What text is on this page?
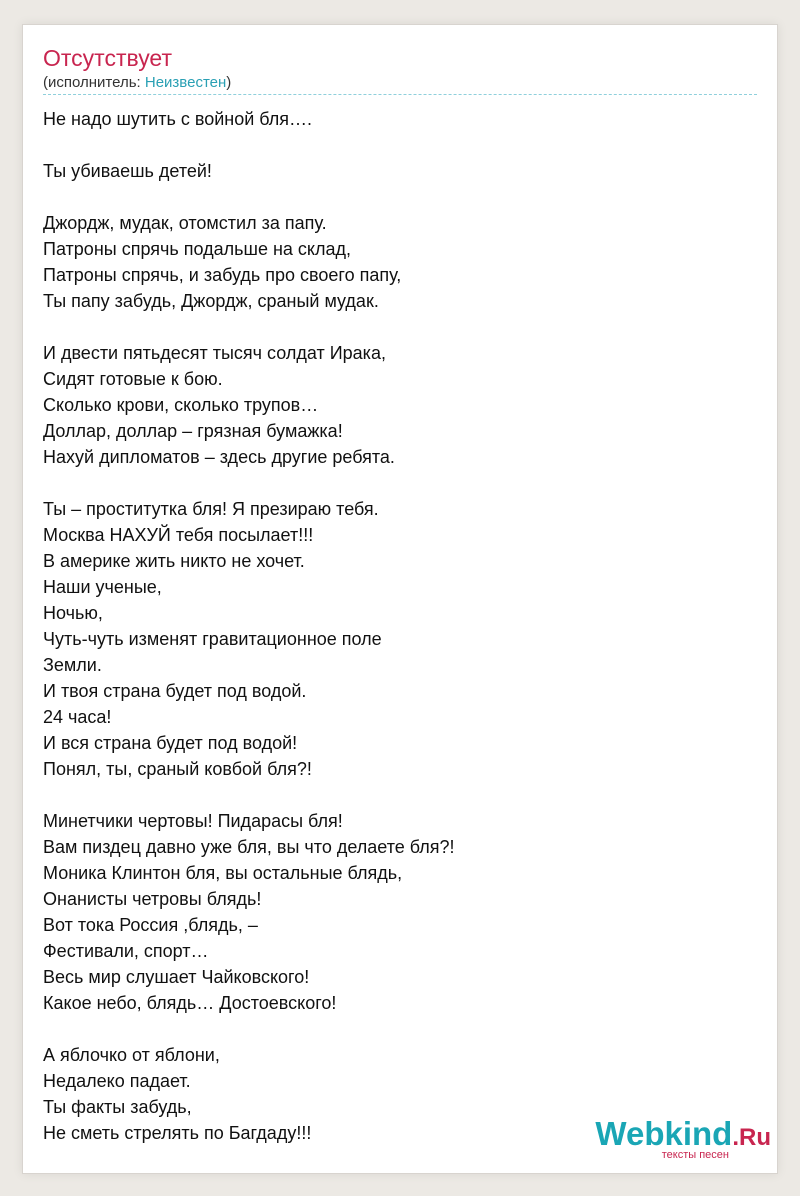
Отсутствует
(исполнитель: Неизвестен)
Не надо шутить с войной бля….
Ты убиваешь детей!
Джордж, мудак, отомстил за папу.
Патроны спрячь подальше на склад,
Патроны спрячь, и забудь про своего папу,
Ты папу забудь, Джордж, сраный мудак.
И двести пятьдесят тысяч солдат Ирака,
Сидят готовые к бою.
Сколько крови, сколько трупов…
Доллар, доллар – грязная бумажка!
Нахуй дипломатов – здесь другие ребята.
Ты – проститутка бля! Я презираю тебя.
Москва НАХУЙ тебя посылает!!!
В америке жить никто не хочет.
Наши ученые,
Ночью,
Чуть-чуть изменят гравитационное поле
Земли.
И твоя страна будет под водой.
24 часа!
И вся страна будет под водой!
Понял, ты, сраный ковбой бля?!
Минетчики чертовы! Пидарасы бля!
Вам пиздец давно уже бля, вы что делаете бля?!
Моника Клинтон бля, вы остальные блядь,
Онанисты четровы блядь!
Вот тока Россия ,блядь, –
Фестивали, спорт…
Весь мир слушает Чайковского!
Какое небо, блядь… Достоевского!
А яблочко от яблони,
Недалеко падает.
Ты факты забудь,
Не сметь стрелять по Багдаду!!!	Webkind.Ru
тексты песен
